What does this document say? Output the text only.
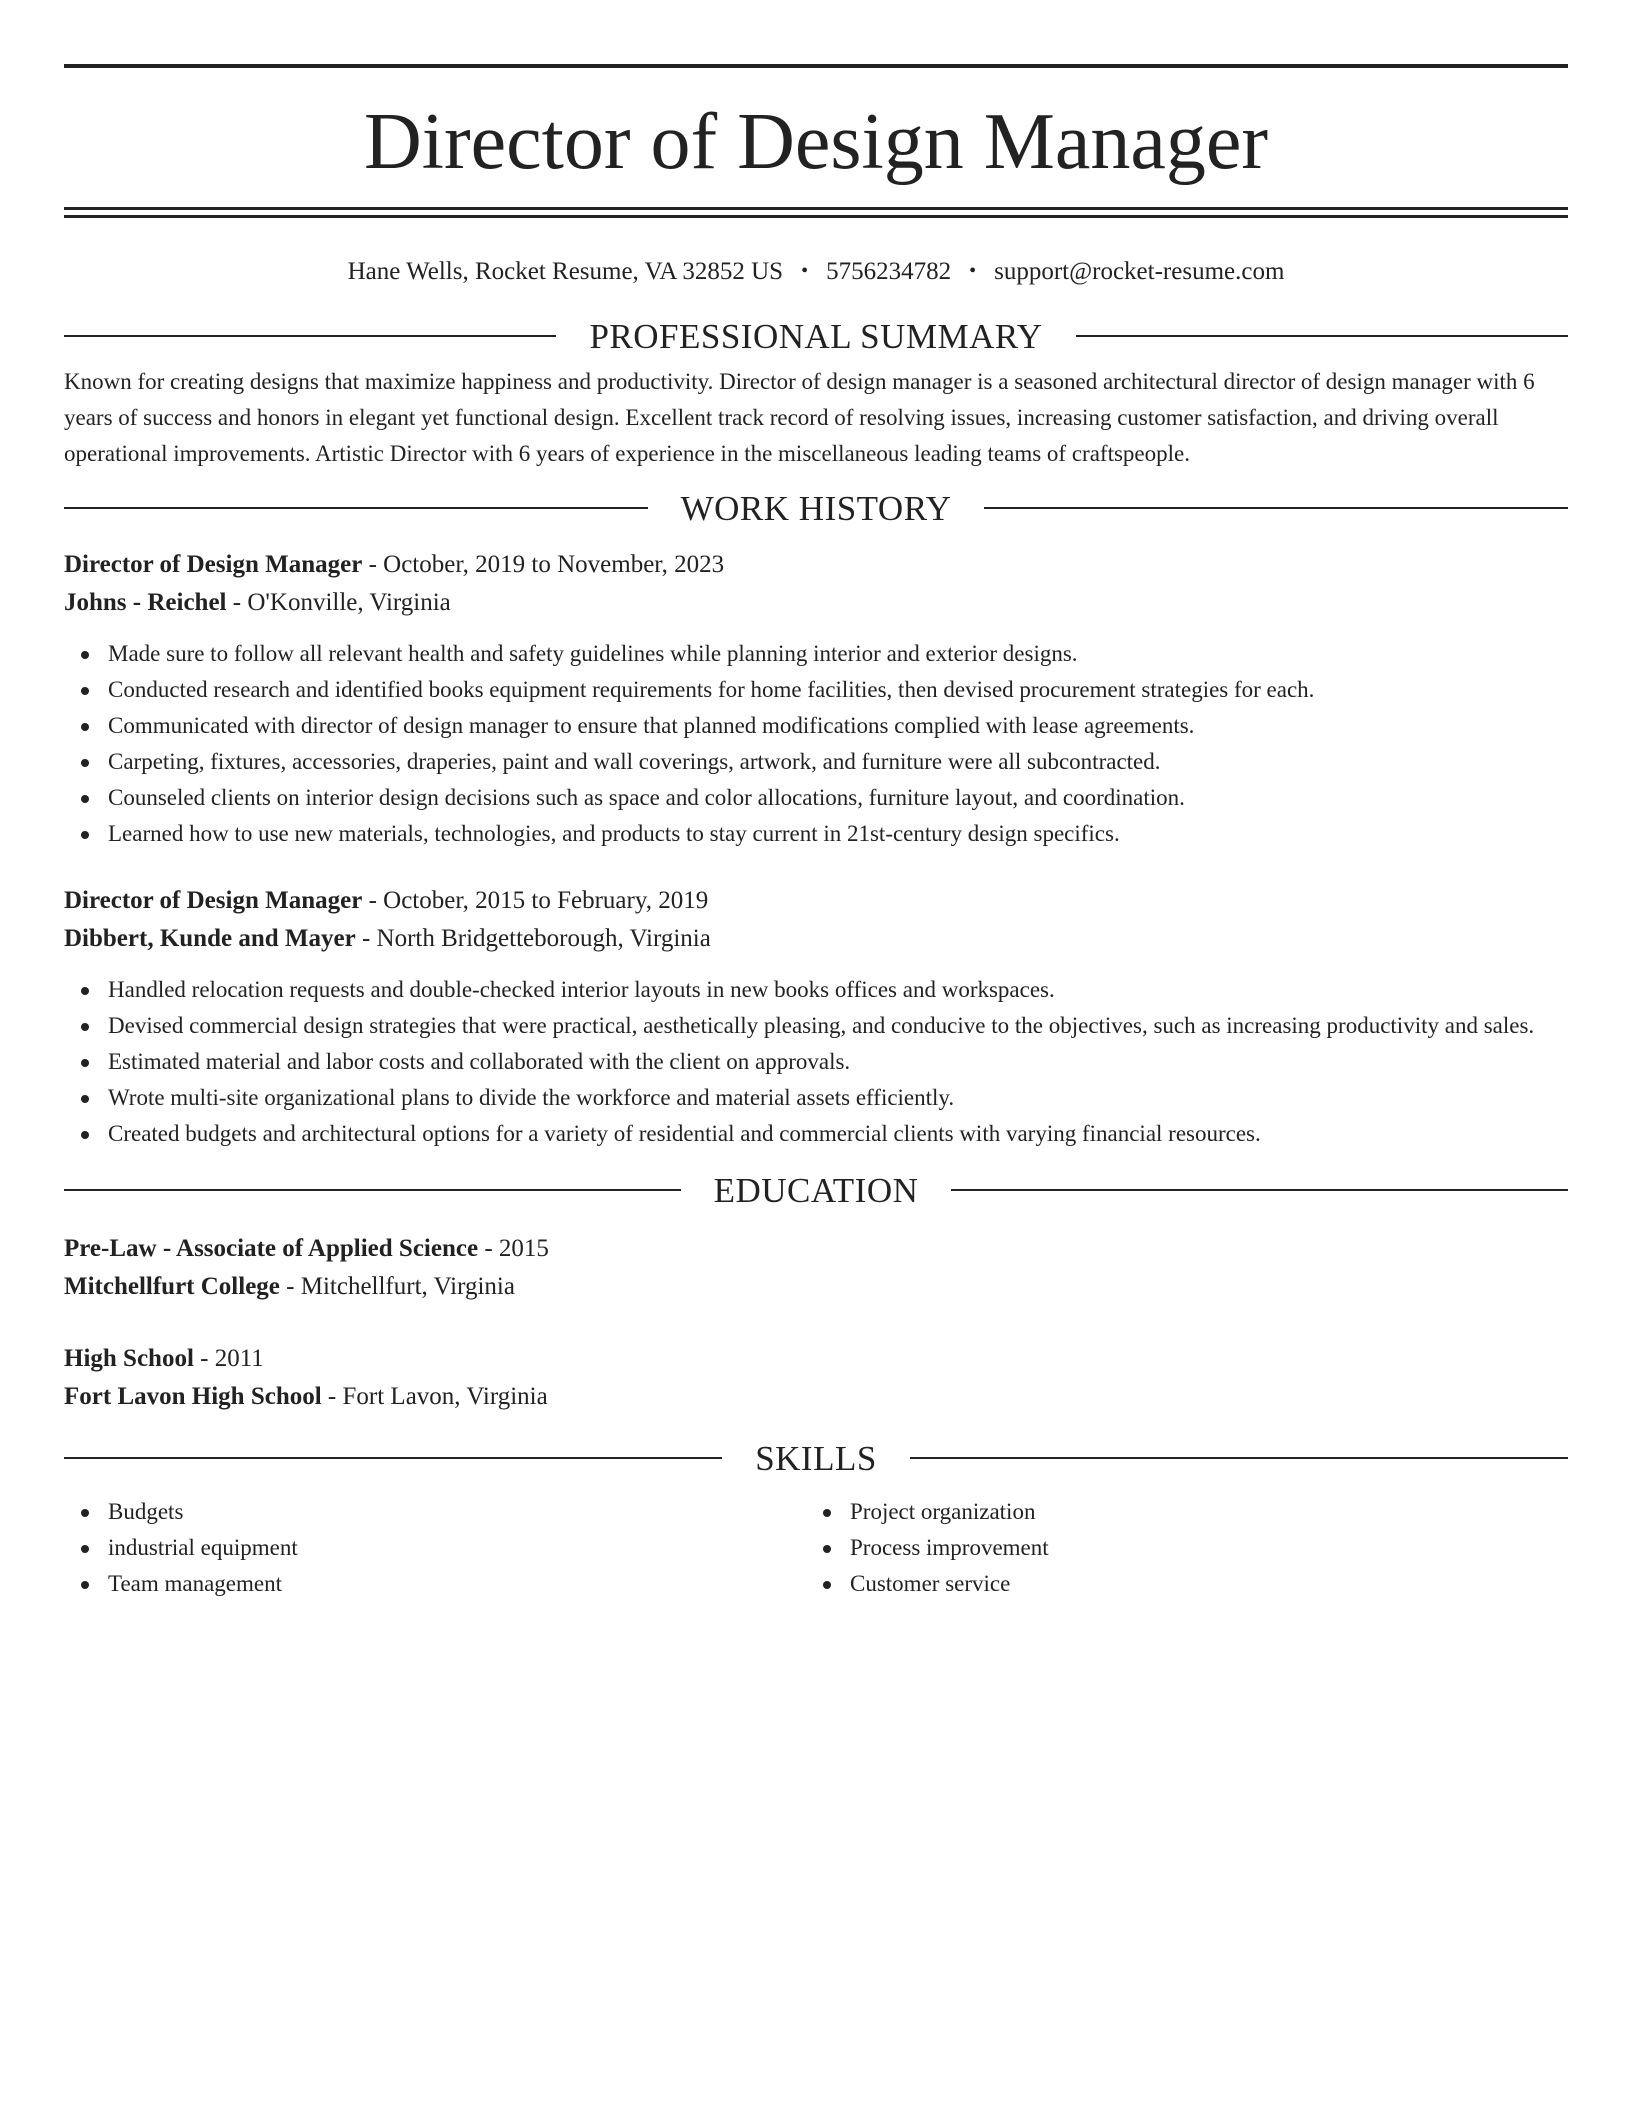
Director of Design Manager
Hane Wells, Rocket Resume, VA 32852 US • 5756234782 • support@rocket-resume.com
PROFESSIONAL SUMMARY

Known for creating designs that maximize happiness and productivity. Director of design manager is a seasoned architectural director of design manager with 6 years of success and honors in elegant yet functional design. Excellent track record of resolving issues, increasing customer satisfaction, and driving overall operational improvements. Artistic Director with 6 years of experience in the miscellaneous leading teams of craftspeople.

WORK HISTORY
Director of Design Manager - October, 2019 to November, 2023
Johns - Reichel - O'Konville, Virginia
Made sure to follow all relevant health and safety guidelines while planning interior and exterior designs.
Conducted research and identified books equipment requirements for home facilities, then devised procurement strategies for each.
Communicated with director of design manager to ensure that planned modifications complied with lease agreements.
Carpeting, fixtures, accessories, draperies, paint and wall coverings, artwork, and furniture were all subcontracted.
Counseled clients on interior design decisions such as space and color allocations, furniture layout, and coordination.
Learned how to use new materials, technologies, and products to stay current in 21st-century design specifics.
Director of Design Manager - October, 2015 to February, 2019
Dibbert, Kunde and Mayer - North Bridgetteborough, Virginia
Handled relocation requests and double-checked interior layouts in new books offices and workspaces.
Devised commercial design strategies that were practical, aesthetically pleasing, and conducive to the objectives, such as increasing productivity and sales.
Estimated material and labor costs and collaborated with the client on approvals.
Wrote multi-site organizational plans to divide the workforce and material assets efficiently.
Created budgets and architectural options for a variety of residential and commercial clients with varying financial resources.
EDUCATION
Pre-Law - Associate of Applied Science - 2015
Mitchellfurt College - Mitchellfurt, Virginia
High School - 2011
Fort Lavon High School - Fort Lavon, Virginia
SKILLS
Budgets
industrial equipment
Team management
Project organization
Process improvement
Customer service
